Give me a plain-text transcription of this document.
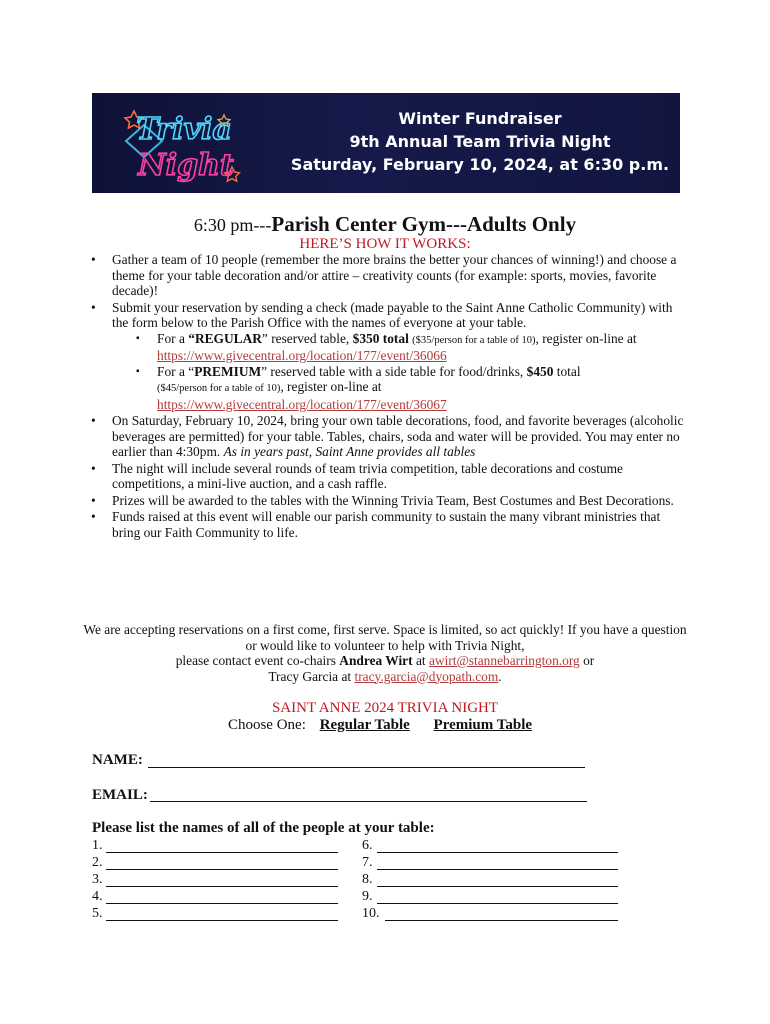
Trivia
Night
Winter Fundraiser
9th Annual Team Trivia Night
Saturday, February 10, 2024, at 6:30 p.m.
6:30 pm---Parish Center Gym---Adults Only
HERE’S HOW IT WORKS:
• Gather a team of 10 people (remember the more brains the better your chances of winning!) and choose a theme for your table decoration and/or attire – creativity counts (for example: sports, movies, favorite decade)!
• Submit your reservation by sending a check (made payable to the Saint Anne Catholic Community) with the form below to the Parish Office with the names of everyone at your table.
▪ For a “REGULAR” reserved table, $350 total ($35/person for a table of 10), register on-line at https://www.givecentral.org/location/177/event/36066
▪ For a “PREMIUM” reserved table with a side table for food/drinks, $450 total
($45/person for a table of 10), register on-line at
https://www.givecentral.org/location/177/event/36067
• On Saturday, February 10, 2024, bring your own table decorations, food, and favorite beverages (alcoholic beverages are permitted) for your table. Tables, chairs, soda and water will be provided. You may enter no earlier than 4:30pm. As in years past, Saint Anne provides all tables
• The night will include several rounds of team trivia competition, table decorations and costume competitions, a mini-live auction, and a cash raffle.
• Prizes will be awarded to the tables with the Winning Trivia Team, Best Costumes and Best Decorations.
• Funds raised at this event will enable our parish community to sustain the many vibrant ministries that bring our Faith Community to life.
We are accepting reservations on a first come, first serve. Space is limited, so act quickly! If you have a question or would like to volunteer to help with Trivia Night,
please contact event co-chairs Andrea Wirt at awirt@stannebarrington.org or
Tracy Garcia at tracy.garcia@dyopath.com.
SAINT ANNE 2024 TRIVIA NIGHT
Choose One: Regular Table Premium Table
NAME:
EMAIL:
Please list the names of all of the people at your table:
1.
2.
3.
4.
5.
6.
7.
8.
9.
10.
